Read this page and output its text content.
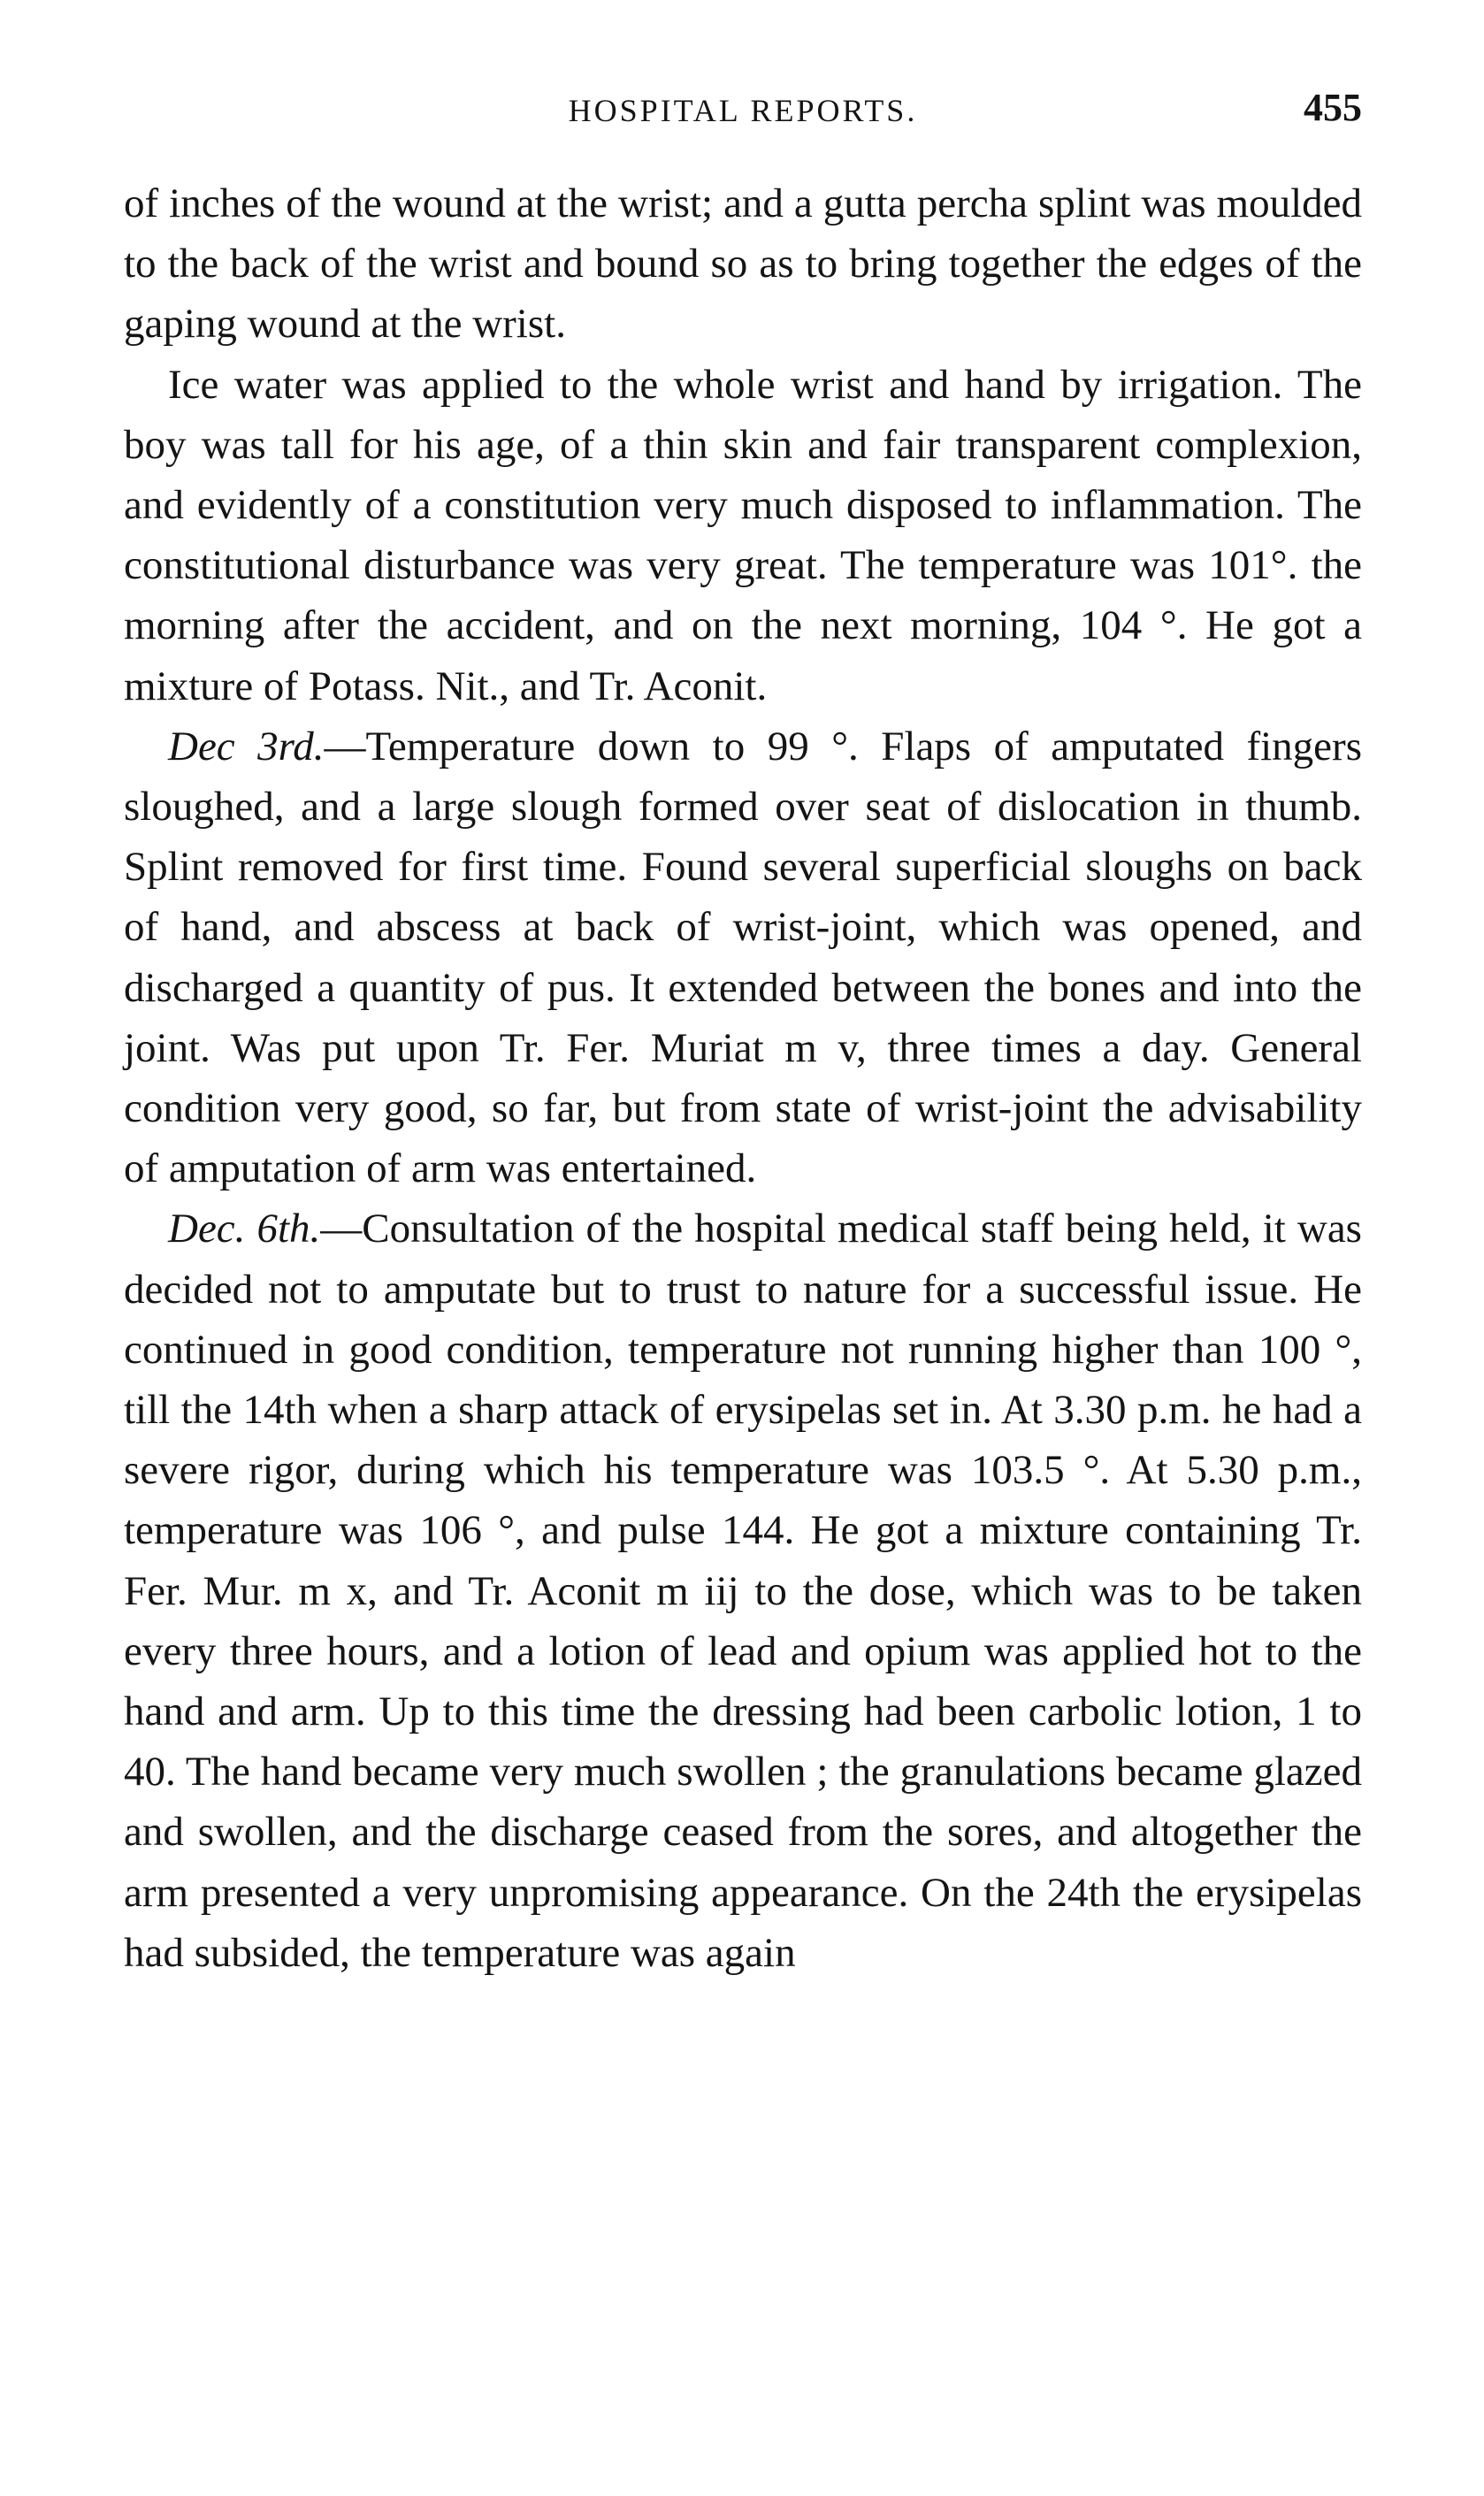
HOSPITAL REPORTS.	455

of inches of the wound at the wrist; and a gutta percha splint was moulded to the back of the wrist and bound so as to bring together the edges of the gaping wound at the wrist.

Ice water was applied to the whole wrist and hand by irrigation. The boy was tall for his age, of a thin skin and fair transparent complexion, and evidently of a constitution very much disposed to inflammation. The constitutional disturbance was very great. The temperature was 101°. the morning after the accident, and on the next morning, 104 °. He got a mixture of Potass. Nit., and Tr. Aconit.

Dec 3rd.—Temperature down to 99 °. Flaps of amputated fingers sloughed, and a large slough formed over seat of dislocation in thumb. Splint removed for first time. Found several superficial sloughs on back of hand, and abscess at back of wrist-joint, which was opened, and discharged a quantity of pus. It extended between the bones and into the joint. Was put upon Tr. Fer. Muriat m v, three times a day. General condition very good, so far, but from state of wrist-joint the advisability of amputation of arm was entertained.

Dec. 6th.—Consultation of the hospital medical staff being held, it was decided not to amputate but to trust to nature for a successful issue. He continued in good condition, temperature not running higher than 100 °, till the 14th when a sharp attack of erysipelas set in. At 3.30 p.m. he had a severe rigor, during which his temperature was 103.5 °. At 5.30 p.m., temperature was 106 °, and pulse 144. He got a mixture containing Tr. Fer. Mur. m x, and Tr. Aconit m iij to the dose, which was to be taken every three hours, and a lotion of lead and opium was applied hot to the hand and arm. Up to this time the dressing had been carbolic lotion, 1 to 40. The hand became very much swollen ; the granulations became glazed and swollen, and the discharge ceased from the sores, and altogether the arm presented a very unpromising appearance. On the 24th the erysipelas had subsided, the temperature was again
